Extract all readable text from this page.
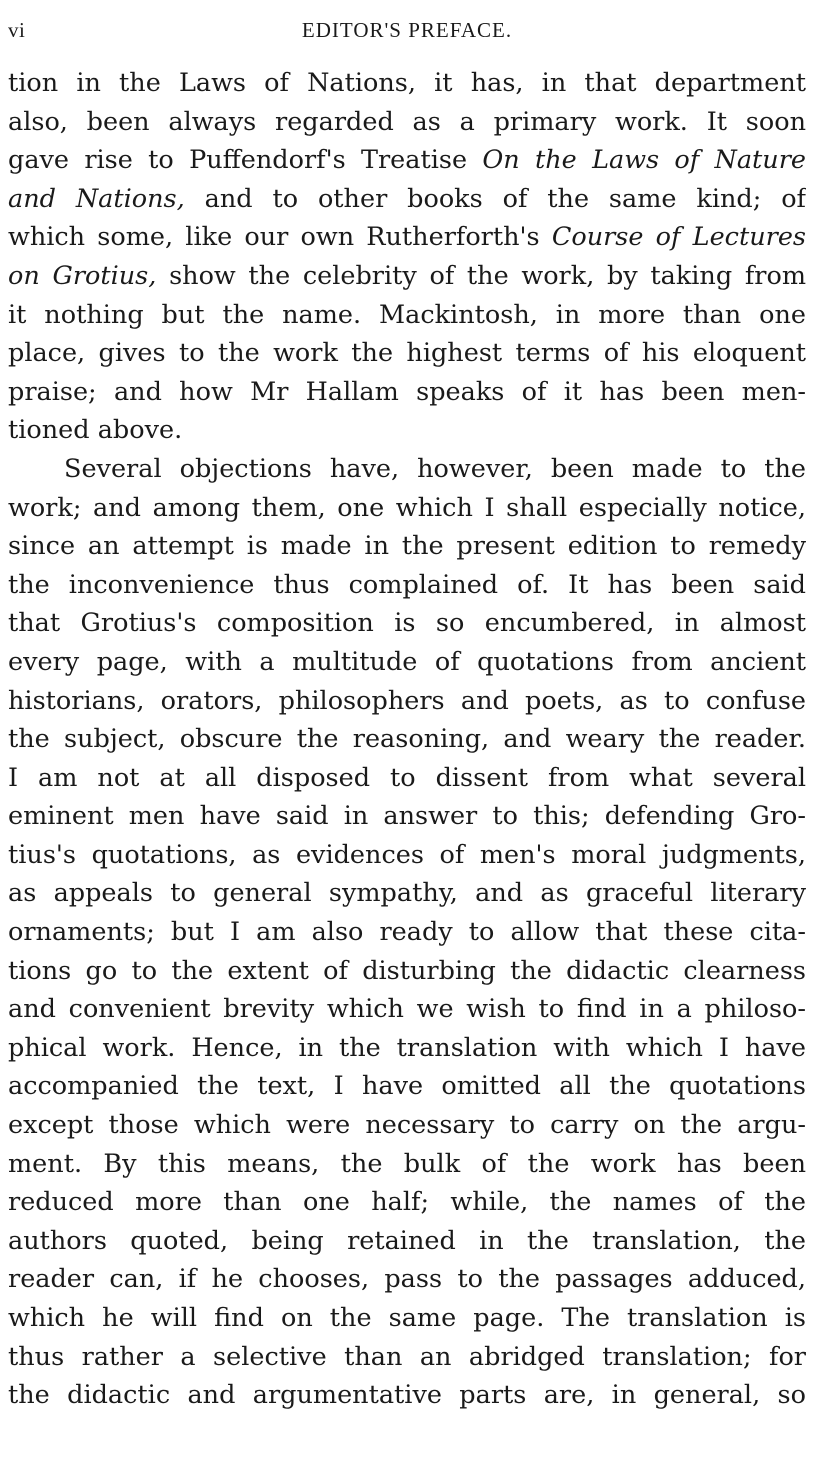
vi	EDITOR'S PREFACE.
tion in the Laws of Nations, it has, in that department
also, been always regarded as a primary work. It soon
gave rise to Puffendorf's Treatise On the Laws of Nature
and Nations, and to other books of the same kind; of
which some, like our own Rutherforth's Course of Lectures
on Grotius, show the celebrity of the work, by taking from
it nothing but the name. Mackintosh, in more than one
place, gives to the work the highest terms of his eloquent
praise; and how Mr Hallam speaks of it has been men-
tioned above.
Several objections have, however, been made to the
work; and among them, one which I shall especially notice,
since an attempt is made in the present edition to remedy
the inconvenience thus complained of. It has been said
that Grotius's composition is so encumbered, in almost
every page, with a multitude of quotations from ancient
historians, orators, philosophers and poets, as to confuse
the subject, obscure the reasoning, and weary the reader.
I am not at all disposed to dissent from what several
eminent men have said in answer to this; defending Gro-
tius's quotations, as evidences of men's moral judgments,
as appeals to general sympathy, and as graceful literary
ornaments; but I am also ready to allow that these cita-
tions go to the extent of disturbing the didactic clearness
and convenient brevity which we wish to find in a philoso-
phical work. Hence, in the translation with which I have
accompanied the text, I have omitted all the quotations
except those which were necessary to carry on the argu-
ment. By this means, the bulk of the work has been
reduced more than one half; while, the names of the
authors quoted, being retained in the translation, the
reader can, if he chooses, pass to the passages adduced,
which he will find on the same page. The translation is
thus rather a selective than an abridged translation; for
the didactic and argumentative parts are, in general, so
